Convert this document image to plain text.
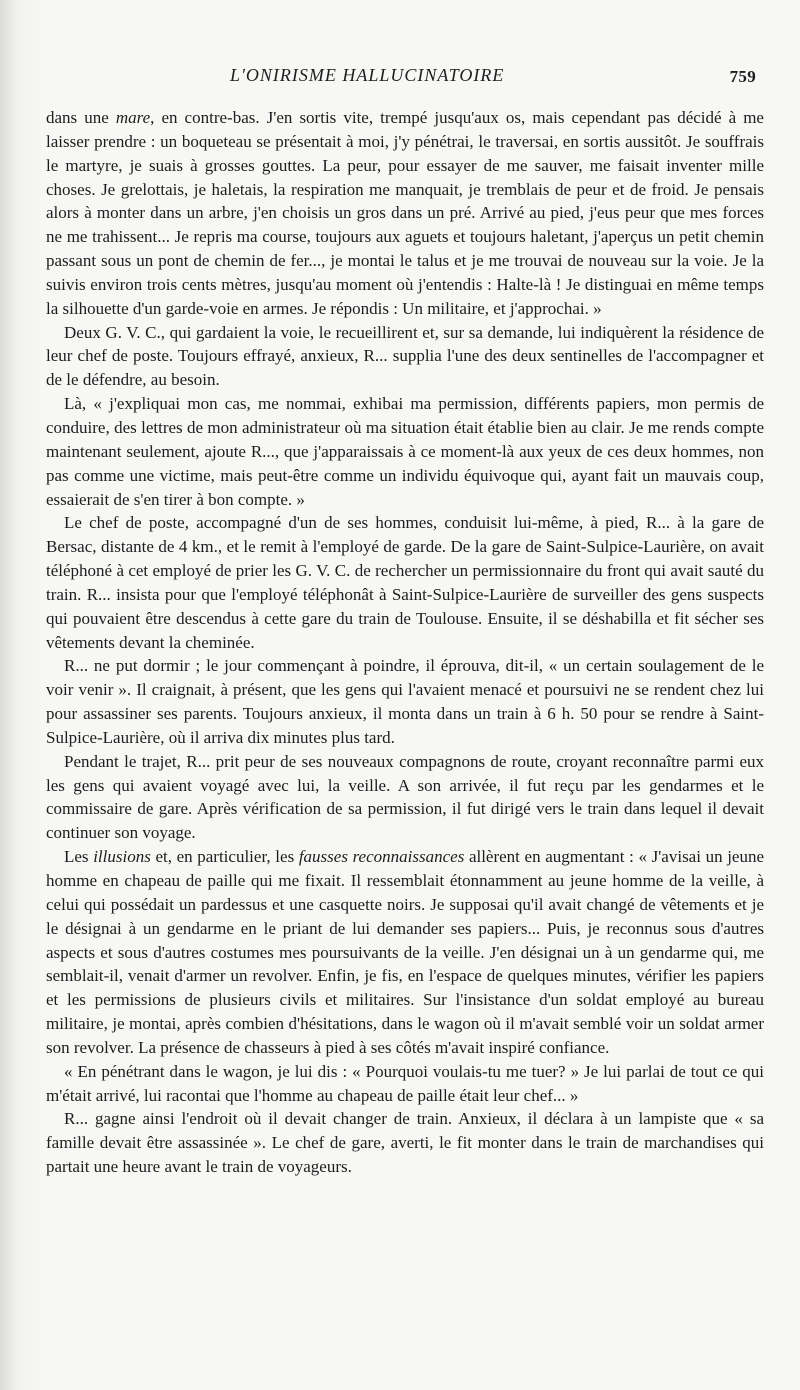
L'ONIRISME HALLUCINATOIRE	759

dans une mare, en contre-bas. J'en sortis vite, trempé jusqu'aux os, mais cependant pas décidé à me laisser prendre : un boqueteau se présentait à moi, j'y pénétrai, le traversai, en sortis aussitôt. Je souffrais le martyre, je suais à grosses gouttes. La peur, pour essayer de me sauver, me faisait inventer mille choses. Je grelottais, je haletais, la respiration me manquait, je tremblais de peur et de froid. Je pensais alors à monter dans un arbre, j'en choisis un gros dans un pré. Arrivé au pied, j'eus peur que mes forces ne me trahissent... Je repris ma course, toujours aux aguets et toujours haletant, j'aperçus un petit chemin passant sous un pont de chemin de fer..., je montai le talus et je me trouvai de nouveau sur la voie. Je la suivis environ trois cents mètres, jusqu'au moment où j'entendis : Halte-là ! Je distinguai en même temps la silhouette d'un garde-voie en armes. Je répondis : Un militaire, et j'approchai. »

Deux G. V. C., qui gardaient la voie, le recueillirent et, sur sa demande, lui indiquèrent la résidence de leur chef de poste. Toujours effrayé, anxieux, R... supplia l'une des deux sentinelles de l'accompagner et de le défendre, au besoin.

Là, « j'expliquai mon cas, me nommai, exhibai ma permission, différents papiers, mon permis de conduire, des lettres de mon administrateur où ma situation était établie bien au clair. Je me rends compte maintenant seulement, ajoute R..., que j'apparaissais à ce moment-là aux yeux de ces deux hommes, non pas comme une victime, mais peut-être comme un individu équivoque qui, ayant fait un mauvais coup, essaierait de s'en tirer à bon compte. »

Le chef de poste, accompagné d'un de ses hommes, conduisit lui-même, à pied, R... à la gare de Bersac, distante de 4 km., et le remit à l'employé de garde. De la gare de Saint-Sulpice-Laurière, on avait téléphoné à cet employé de prier les G. V. C. de rechercher un permissionnaire du front qui avait sauté du train. R... insista pour que l'employé téléphonât à Saint-Sulpice-Laurière de surveiller des gens suspects qui pouvaient être descendus à cette gare du train de Toulouse. Ensuite, il se déshabilla et fit sécher ses vêtements devant la cheminée.

R... ne put dormir ; le jour commençant à poindre, il éprouva, dit-il, « un certain soulagement de le voir venir ». Il craignait, à présent, que les gens qui l'avaient menacé et poursuivi ne se rendent chez lui pour assassiner ses parents. Toujours anxieux, il monta dans un train à 6 h. 50 pour se rendre à Saint-Sulpice-Laurière, où il arriva dix minutes plus tard.

Pendant le trajet, R... prit peur de ses nouveaux compagnons de route, croyant reconnaître parmi eux les gens qui avaient voyagé avec lui, la veille. A son arrivée, il fut reçu par les gendarmes et le commissaire de gare. Après vérification de sa permission, il fut dirigé vers le train dans lequel il devait continuer son voyage.

Les illusions et, en particulier, les fausses reconnaissances allèrent en augmentant : « J'avisai un jeune homme en chapeau de paille qui me fixait. Il ressemblait étonnamment au jeune homme de la veille, à celui qui possédait un pardessus et une casquette noirs. Je supposai qu'il avait changé de vêtements et je le désignai à un gendarme en le priant de lui demander ses papiers... Puis, je reconnus sous d'autres aspects et sous d'autres costumes mes poursuivants de la veille. J'en désignai un à un gendarme qui, me semblait-il, venait d'armer un revolver. Enfin, je fis, en l'espace de quelques minutes, vérifier les papiers et les permissions de plusieurs civils et militaires. Sur l'insistance d'un soldat employé au bureau militaire, je montai, après combien d'hésitations, dans le wagon où il m'avait semblé voir un soldat armer son revolver. La présence de chasseurs à pied à ses côtés m'avait inspiré confiance.

« En pénétrant dans le wagon, je lui dis : « Pourquoi voulais-tu me tuer? » Je lui parlai de tout ce qui m'était arrivé, lui racontai que l'homme au chapeau de paille était leur chef... »

R... gagne ainsi l'endroit où il devait changer de train. Anxieux, il déclara à un lampiste que « sa famille devait être assassinée ». Le chef de gare, averti, le fit monter dans le train de marchandises qui partait une heure avant le train de voyageurs.
